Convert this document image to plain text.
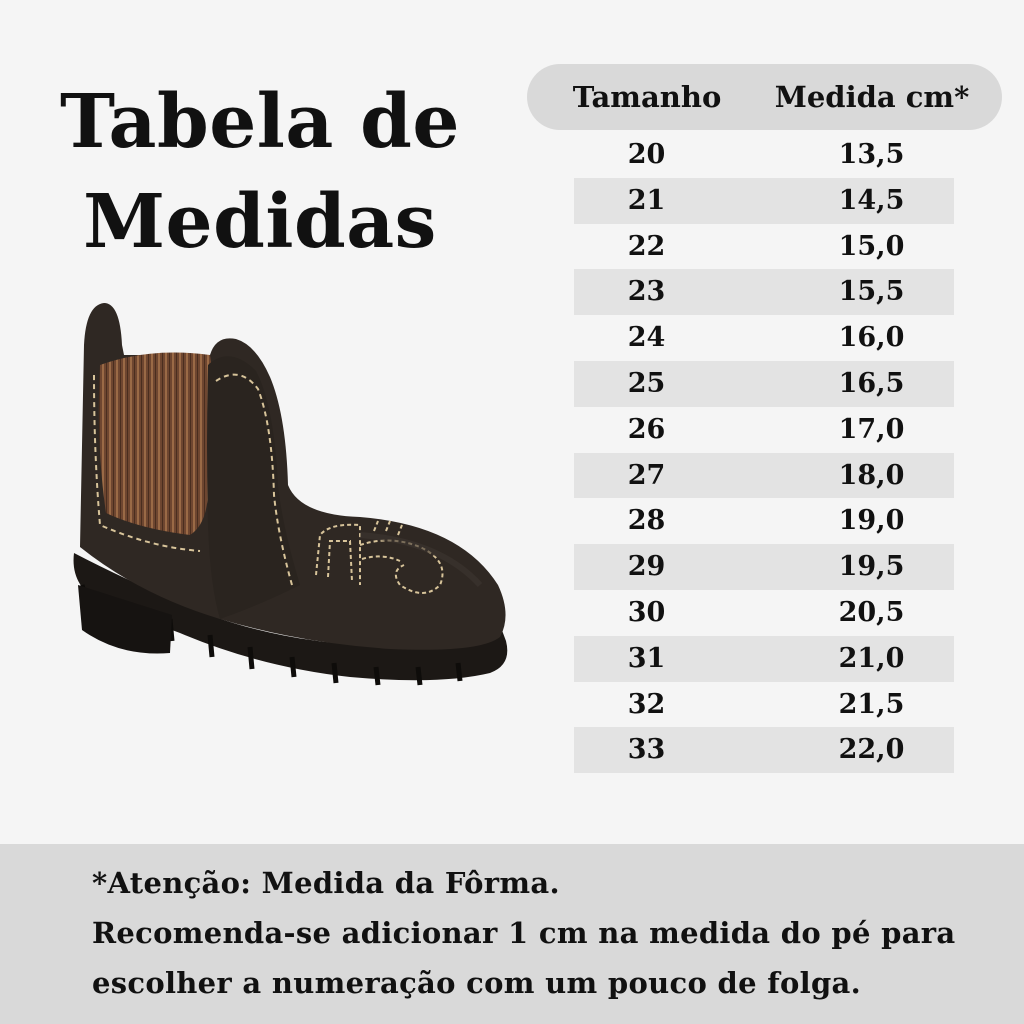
Tabela de
Medidas
Tamanho	Medida cm*
20	13,5
21	14,5
22	15,0
23	15,5
24	16,0
25	16,5
26	17,0
27	18,0
28	19,0
29	19,5
30	20,5
31	21,0
32	21,5
33	22,0

*Atenção: Medida da Fôrma.

Recomenda-se adicionar 1 cm na medida do pé para

escolher a numeração com um pouco de folga.
